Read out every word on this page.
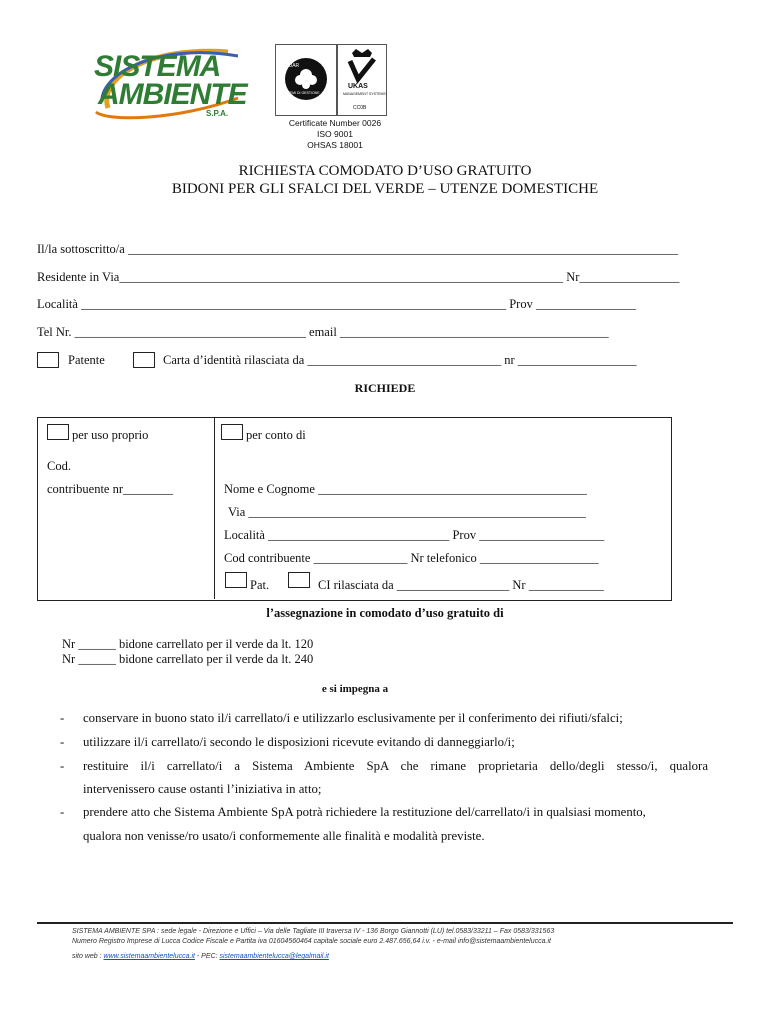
SISTEMA
AMBIENTE
S.P.A.
ISQUAR
SISTEMI DI GESTIONE
UKAS
MANAGEMENT SYSTEMS
CC0B
Certificate Number 0026
ISO 9001
OHSAS 18001
RICHIESTA COMODATO D’USO GRATUITO
BIDONI PER GLI SFALCI DEL VERDE – UTENZE DOMESTICHE
Il/la sottoscritto/a ________________________________________________________________________________________
Residente in Via_______________________________________________________________________ Nr________________
Località ____________________________________________________________________ Prov ________________
Tel Nr. _____________________________________ email ___________________________________________
Patente	Carta d’identità rilasciata da _______________________________ nr ___________________
RICHIEDE
per uso proprio	per conto di
Cod.
contribuente nr________	Nome e Cognome ___________________________________________
Via ______________________________________________________
Località _____________________________ Prov ____________________
Cod contribuente _______________ Nr telefonico ___________________
Pat.	CI rilasciata da __________________ Nr ____________
l’assegnazione in comodato d’uso gratuito di
Nr ______ bidone carrellato per il verde da lt. 120
Nr ______ bidone carrellato per il verde da lt. 240
e si impegna a
- conservare in buono stato il/i carrellato/i e utilizzarlo esclusivamente per il conferimento dei rifiuti/sfalci;
- utilizzare il/i carrellato/i secondo le disposizioni ricevute evitando di danneggiarlo/i;
- restituire il/i carrellato/i a Sistema Ambiente SpA che rimane proprietaria dello/degli stesso/i, qualora
intervenissero cause ostanti l’iniziativa in atto;
- prendere atto che Sistema Ambiente SpA potrà richiedere la restituzione del/carrellato/i in qualsiasi momento,
qualora non venisse/ro usato/i conformemente alle finalità e modalità previste.
SISTEMA AMBIENTE SPA : sede legale - Direzione e Uffici – Via delle Tagliate III traversa IV - 136 Borgo Giannotti (LU) tel.0583/33211 – Fax 0583/331563
Numero Registro Imprese di Lucca Codice Fiscale e Partita iva 01604560464 capitale sociale euro 2.487.656,64 i.v. - e-mail info@sistemaambientelucca.it
sito web : www.sistemaambientelucca.it - PEC: sistemaambientelucca@legalmail.it
